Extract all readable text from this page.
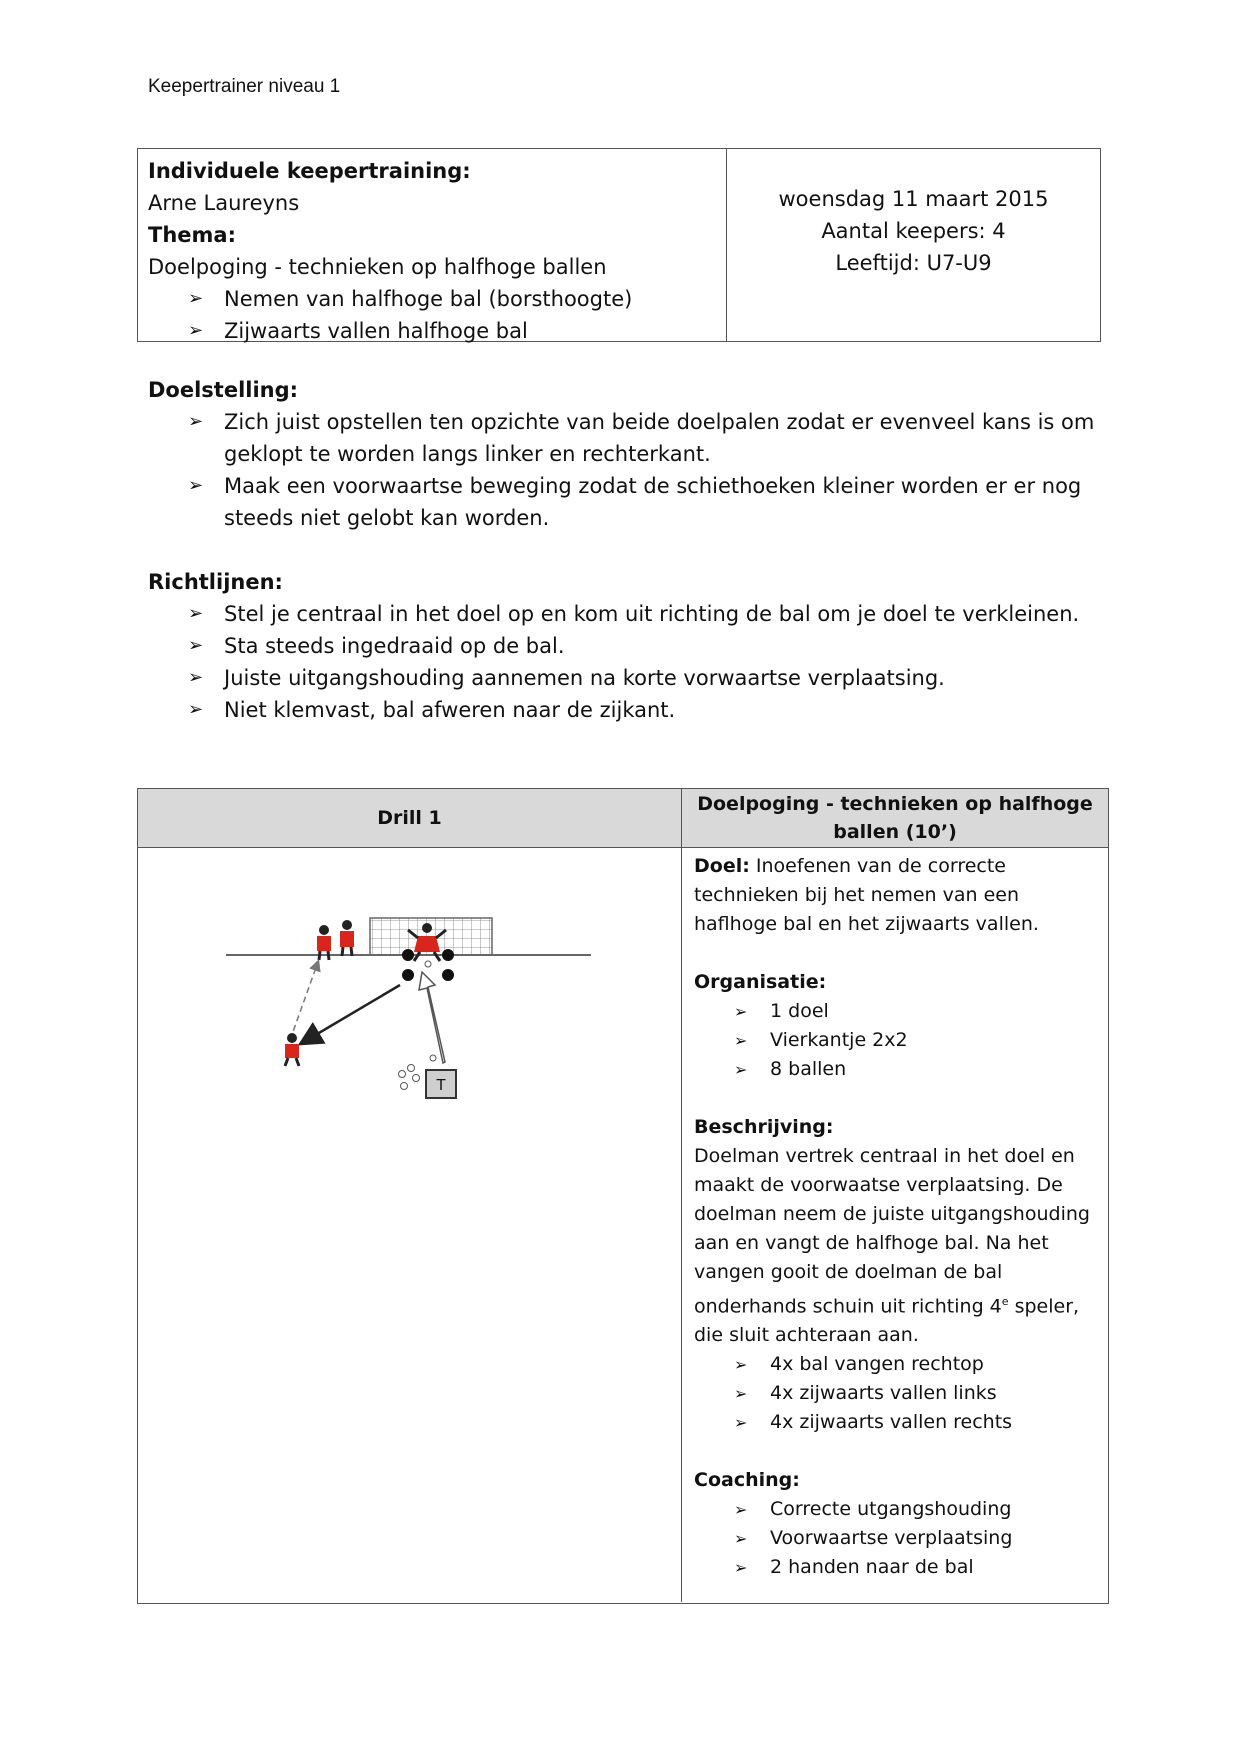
Keepertrainer niveau 1
Individuele keepertraining:
Arne Laureyns
Thema:
Doelpoging - technieken op halfhoge ballen
➢ Nemen van halfhoge bal (borsthoogte)
➢ Zijwaarts vallen halfhoge bal
woensdag 11 maart 2015
Aantal keepers: 4
Leeftijd: U7-U9
Doelstelling:
➢ Zich juist opstellen ten opzichte van beide doelpalen zodat er evenveel kans is om geklopt te worden langs linker en rechterkant.
➢ Maak een voorwaartse beweging zodat de schiethoeken kleiner worden er er nog steeds niet gelobt kan worden.
Richtlijnen:
➢ Stel je centraal in het doel op en kom uit richting de bal om je doel te verkleinen.
➢ Sta steeds ingedraaid op de bal.
➢ Juiste uitgangshouding aannemen na korte vorwaartse verplaatsing.
➢ Niet klemvast, bal afweren naar de zijkant.
Drill 1
Doelpoging - technieken op halfhoge ballen (10’)
T
Doel: Inoefenen van de correcte technieken bij het nemen van een haflhoge bal en het zijwaarts vallen.
Organisatie:
➢ 1 doel
➢ Vierkantje 2x2
➢ 8 ballen
Beschrijving:
Doelman vertrek centraal in het doel en maakt de voorwaatse verplaatsing. De doelman neem de juiste uitgangshouding aan en vangt de halfhoge bal. Na het vangen gooit de doelman de bal onderhands schuin uit richting 4e speler, die sluit achteraan aan.
➢ 4x bal vangen rechtop
➢ 4x zijwaarts vallen links
➢ 4x zijwaarts vallen rechts
Coaching:
➢ Correcte utgangshouding
➢ Voorwaartse verplaatsing
➢ 2 handen naar de bal
